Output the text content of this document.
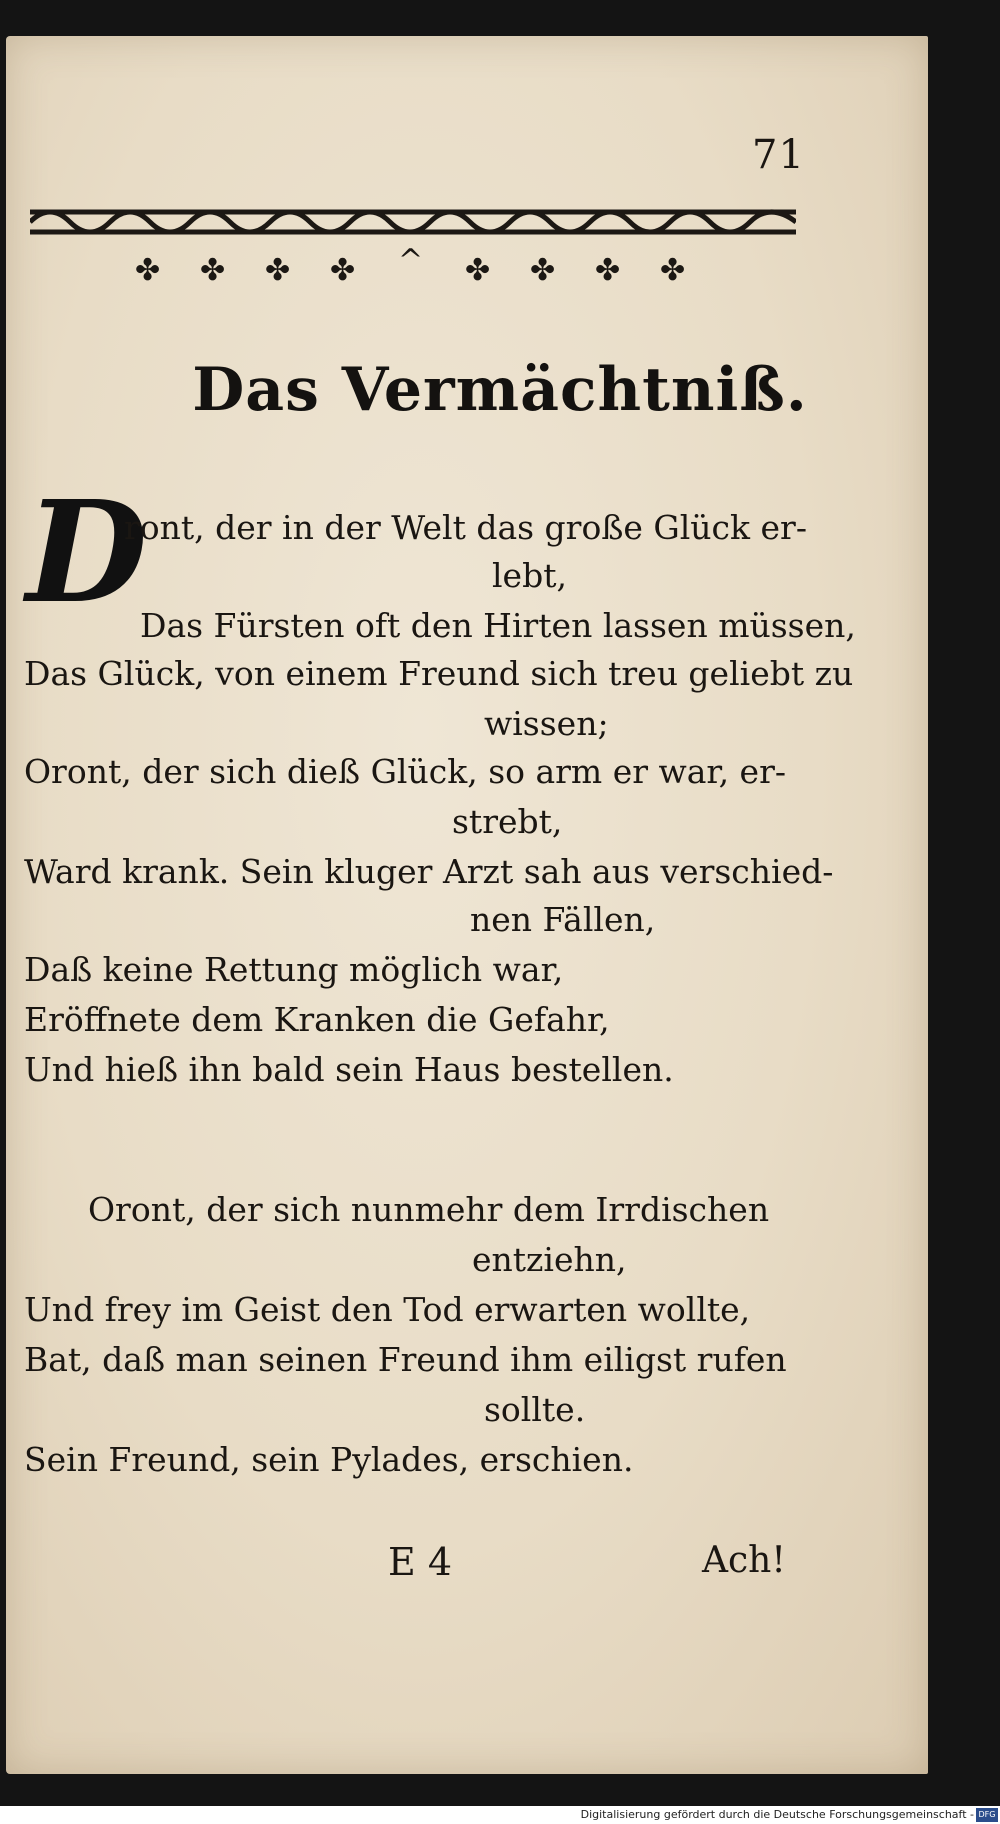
71
✤ ✤ ✤ ✤ ^ ✤ ✤ ✤ ✤
Das Vermächtniß.
D
ront, der in der Welt das große Glück er-
lebt,
Das Fürsten oft den Hirten lassen müssen,
Das Glück, von einem Freund sich treu geliebt zu
wissen;
Oront, der sich dieß Glück, so arm er war, er-
strebt,
Ward krank. Sein kluger Arzt sah aus verschied-
nen Fällen,
Daß keine Rettung möglich war,
Eröffnete dem Kranken die Gefahr,
Und hieß ihn bald sein Haus bestellen.
Oront, der sich nunmehr dem Irrdischen
entziehn,
Und frey im Geist den Tod erwarten wollte,
Bat, daß man seinen Freund ihm eiligst rufen
sollte.
Sein Freund, sein Pylades, erschien.
E 4	Ach!
Digitalisierung gefördert durch die Deutsche Forschungsgemeinschaft - DFG
